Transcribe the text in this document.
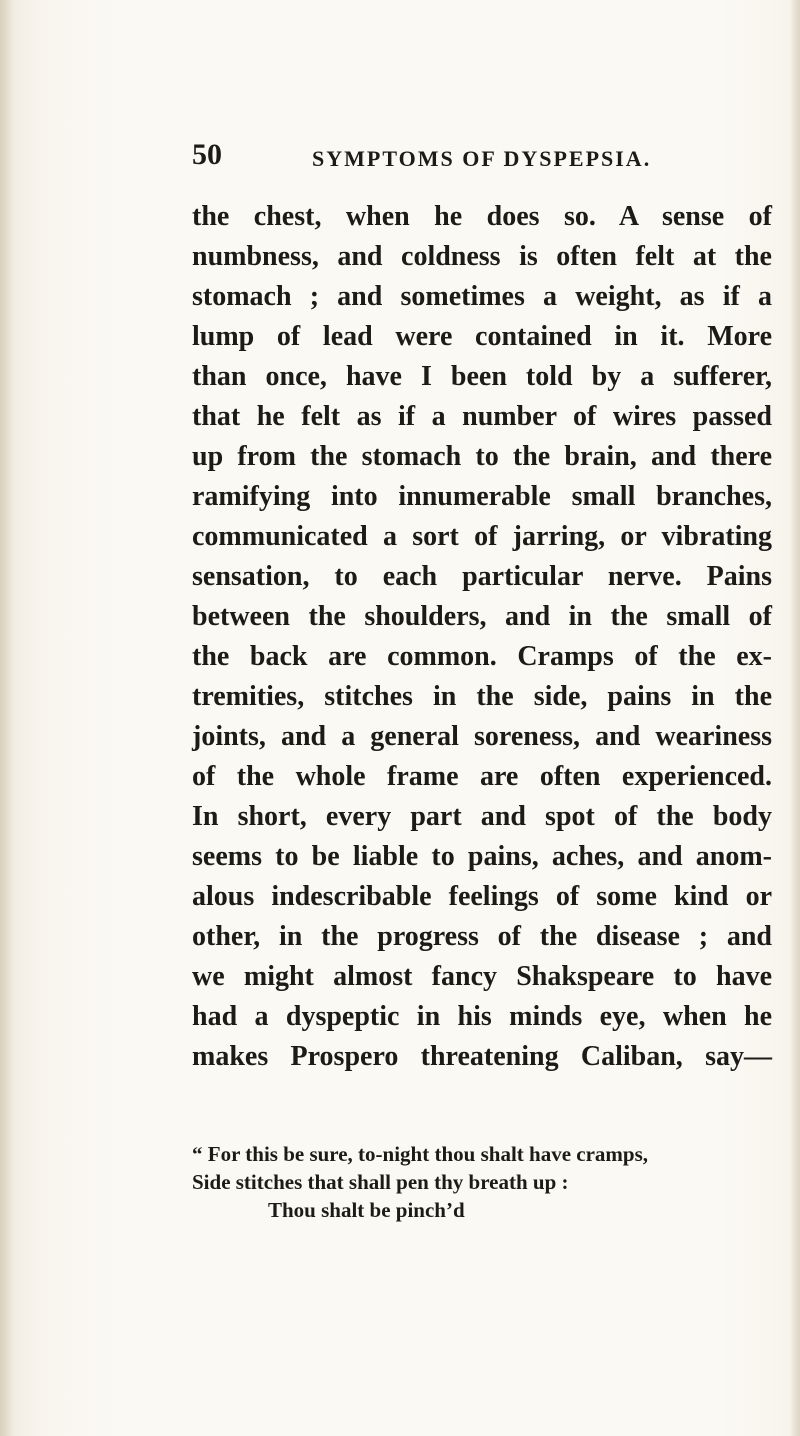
50	SYMPTOMS OF DYSPEPSIA.
the chest, when he does so. A sense of
numbness, and coldness is often felt at the
stomach ; and sometimes a weight, as if a
lump of lead were contained in it. More
than once, have I been told by a sufferer,
that he felt as if a number of wires passed
up from the stomach to the brain, and there
ramifying into innumerable small branches,
communicated a sort of jarring, or vibrating
sensation, to each particular nerve. Pains
between the shoulders, and in the small of
the back are common. Cramps of the ex-
tremities, stitches in the side, pains in the
joints, and a general soreness, and weariness
of the whole frame are often experienced.
In short, every part and spot of the body
seems to be liable to pains, aches, and anom-
alous indescribable feelings of some kind or
other, in the progress of the disease ; and
we might almost fancy Shakspeare to have
had a dyspeptic in his minds eye, when he
makes Prospero threatening Caliban, say—
“ For this be sure, to-night thou shalt have cramps,
Side stitches that shall pen thy breath up :
Thou shalt be pinch’d
